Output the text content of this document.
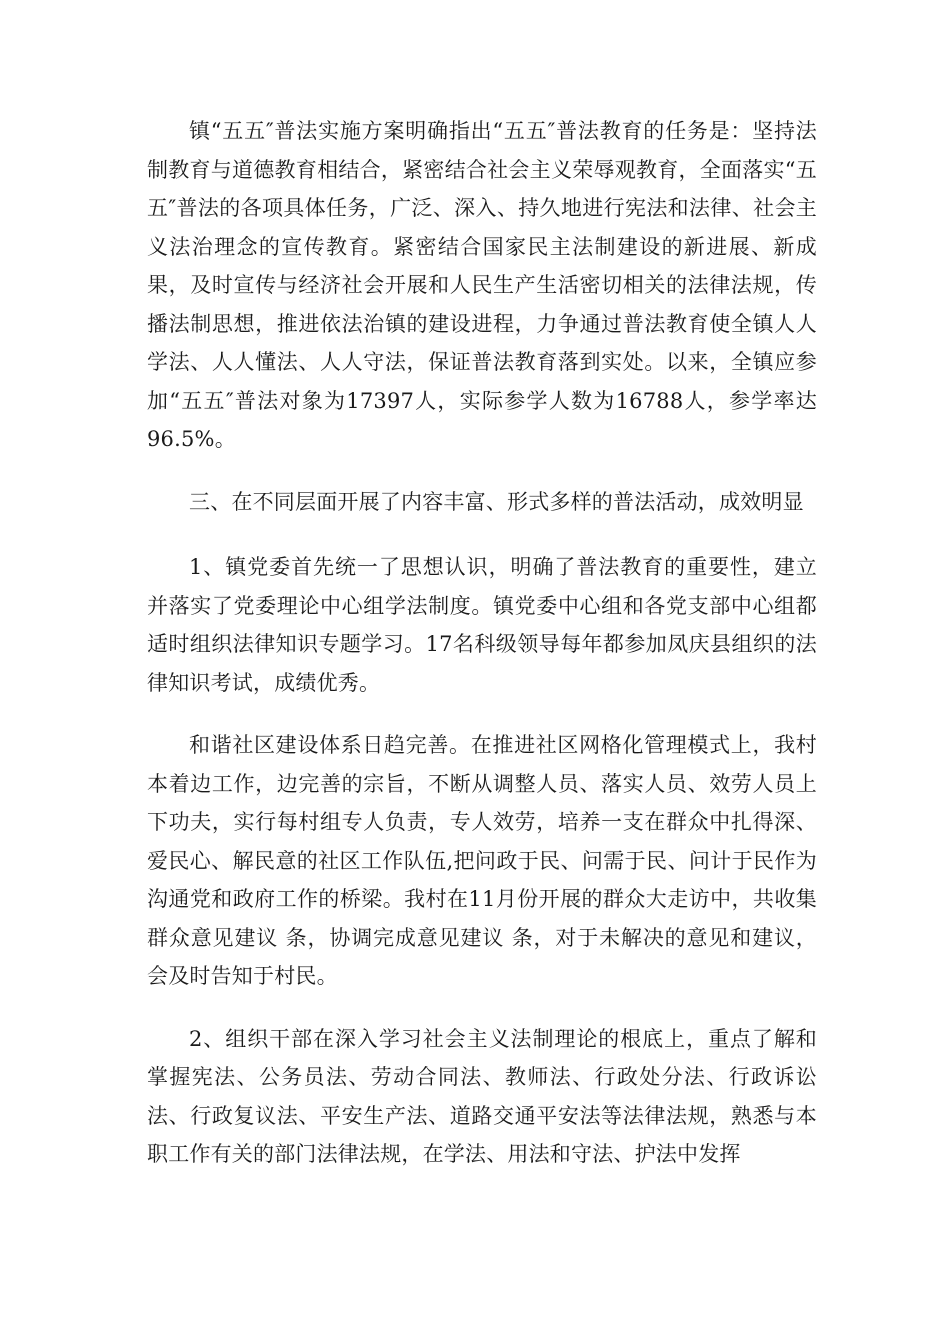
镇“五五″普法实施方案明确指出“五五″普法教育的任务是：坚持法制教育与道德教育相结合，紧密结合社会主义荣辱观教育，全面落实“五五″普法的各项具体任务，广泛、深入、持久地进行宪法和法律、社会主义法治理念的宣传教育。紧密结合国家民主法制建设的新进展、新成果，及时宣传与经济社会开展和人民生产生活密切相关的法律法规，传播法制思想，推进依法治镇的建设进程，力争通过普法教育使全镇人人学法、人人懂法、人人守法，保证普法教育落到实处。以来，全镇应参加“五五″普法对象为17397人，实际参学人数为16788人，参学率达96.5%。

三、在不同层面开展了内容丰富、形式多样的普法活动，成效明显

1、镇党委首先统一了思想认识，明确了普法教育的重要性，建立并落实了党委理论中心组学法制度。镇党委中心组和各党支部中心组都适时组织法律知识专题学习。17名科级领导每年都参加凤庆县组织的法律知识考试，成绩优秀。

和谐社区建设体系日趋完善。在推进社区网格化管理模式上，我村本着边工作，边完善的宗旨，不断从调整人员、落实人员、效劳人员上下功夫，实行每村组专人负责，专人效劳，培养一支在群众中扎得深、爱民心、解民意的社区工作队伍,把问政于民、问需于民、问计于民作为沟通党和政府工作的桥梁。我村在11月份开展的群众大走访中，共收集群众意见建议 条，协调完成意见建议 条，对于未解决的意见和建议，会及时告知于村民。

2、组织干部在深入学习社会主义法制理论的根底上，重点了解和掌握宪法、公务员法、劳动合同法、教师法、行政处分法、行政诉讼法、行政复议法、平安生产法、道路交通平安法等法律法规，熟悉与本职工作有关的部门法律法规，在学法、用法和守法、护法中发挥
